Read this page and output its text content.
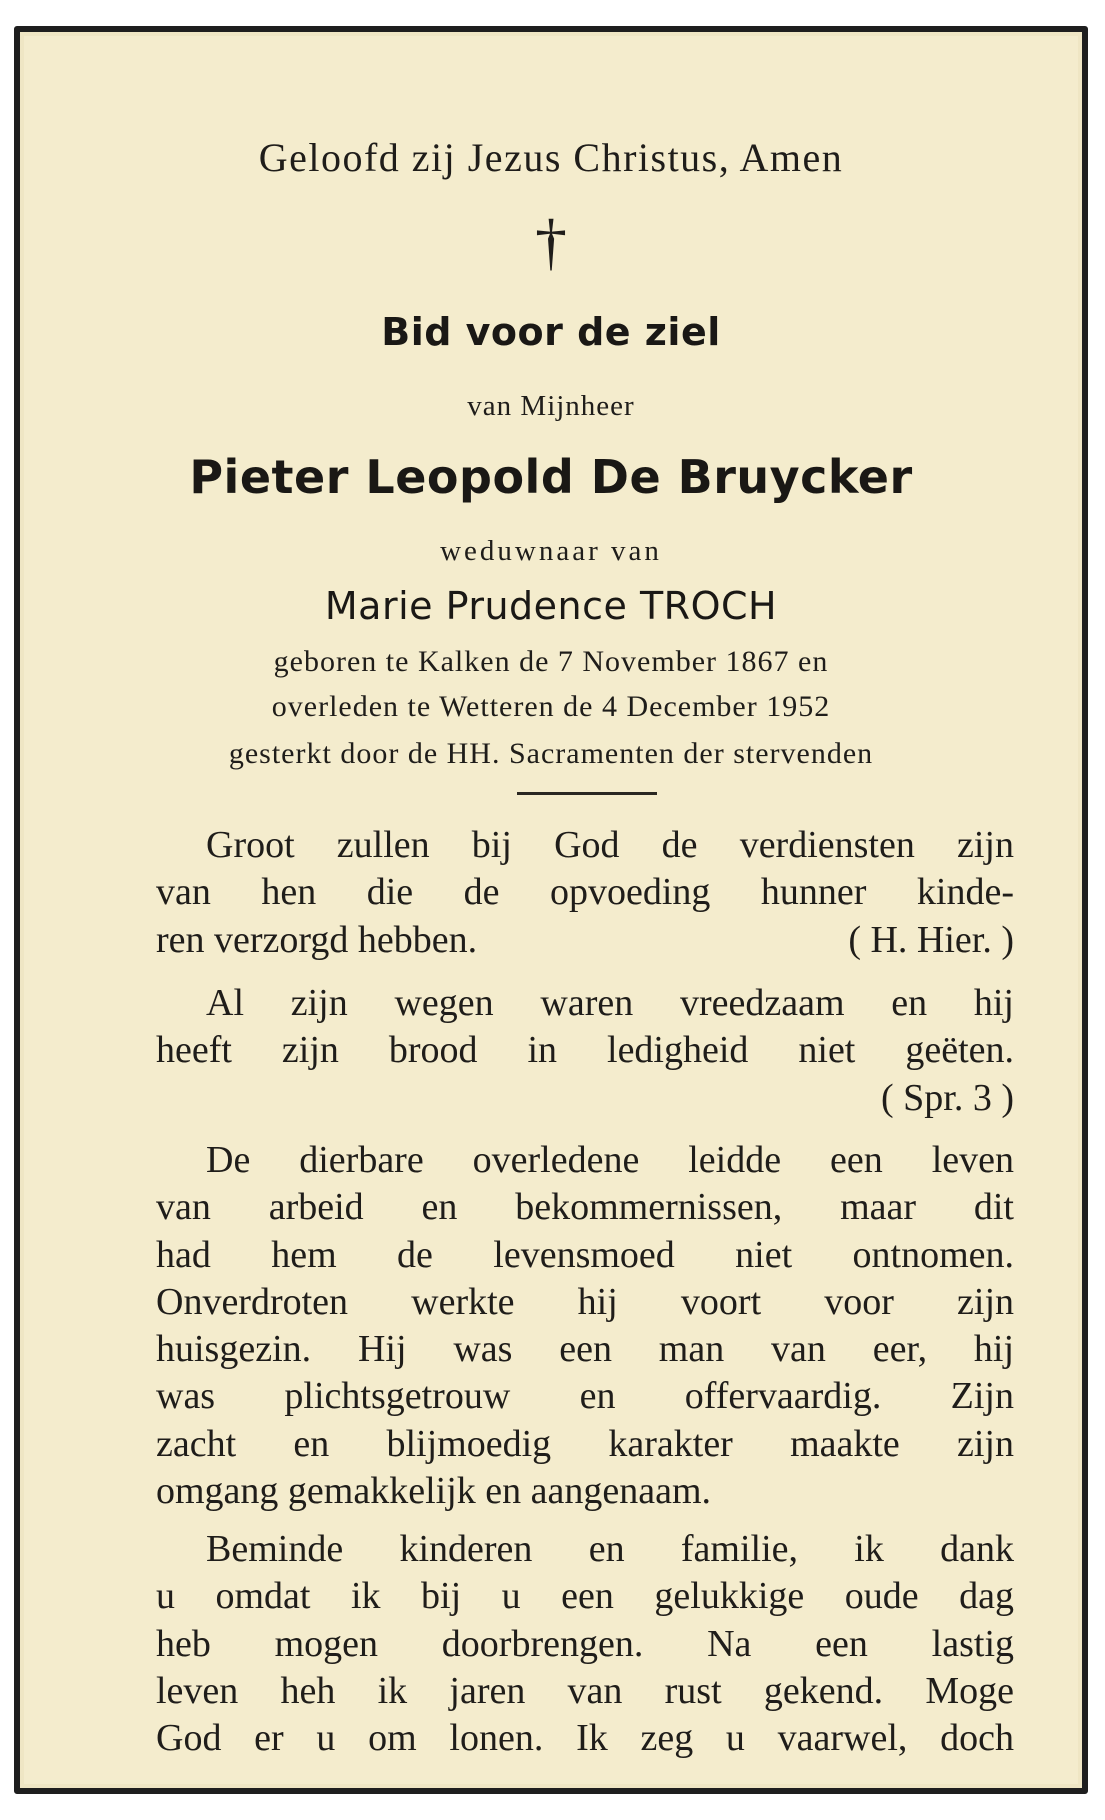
Geloofd zij Jezus Christus, Amen
†
Bid voor de ziel
van Mijnheer
Pieter Leopold De Bruycker
weduwnaar van
Marie Prudence TROCH
geboren te Kalken de 7 November 1867 en
overleden te Wetteren de 4 December 1952
gesterkt door de HH. Sacramenten der stervenden
Groot zullen bij God de verdiensten zijn
van hen die de opvoeding hunner kinde-
ren verzorgd hebben.	( H. Hier. )
Al zijn wegen waren vreedzaam en hij
heeft zijn brood in ledigheid niet geëten.
( Spr. 3 )
De dierbare overledene leidde een leven
van arbeid en bekommernissen, maar dit
had hem de levensmoed niet ontnomen.
Onverdroten werkte hij voort voor zijn
huisgezin. Hij was een man van eer, hij
was plichtsgetrouw en offervaardig. Zijn
zacht en blijmoedig karakter maakte zijn
omgang gemakkelijk en aangenaam.
Beminde kinderen en familie, ik dank
u omdat ik bij u een gelukkige oude dag
heb mogen doorbrengen. Na een lastig
leven heh ik jaren van rust gekend. Moge
God er u om lonen. Ik zeg u vaarwel, doch
